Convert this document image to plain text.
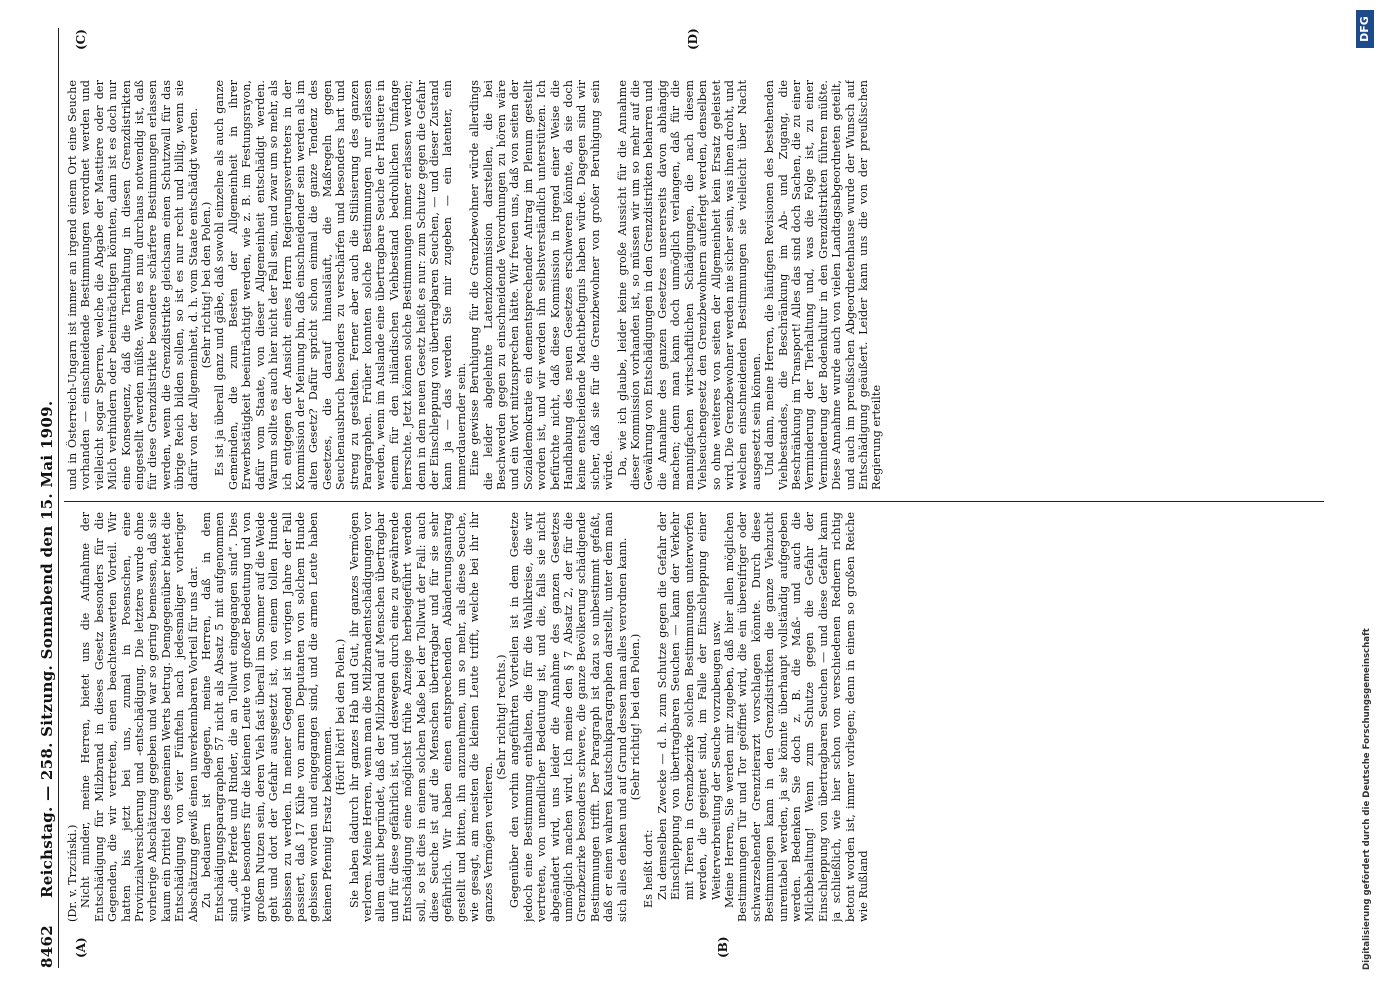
8462
Reichstag. — 258. Sitzung. Sonnabend den 15. Mai 1909.
(A)	(B)
(C)	(D)

(Dr. v. Trzciński.) Nicht minder, meine Herren, bietet uns die Aufnahme der Entschädigung für Milzbrand in dieses Gesetz besonders für die Gegenden, die wir vertreten, einen beachtenswerten Vorteil. Wir hatten bis jetzt bei uns, zumal in Posenschen, eine Provinzialversicherung und -entschädigung. Die letztere wurde ohne vorherige Abschätzung gegeben und war so gering bemessen, daß sie kaum ein Drittel des gemeinen Werts betrug. Demgegenüber bietet die Entschädigung von vier Fünfteln nach jedesmaliger vorheriger Abschätzung gewiß einen unverkennbaren Vorteil für uns dar. Zu bedauern ist dagegen, meine Herren, daß in dem Entschädigungsparagraphen 57 nicht als Absatz 5 mit aufgenommen sind „die Pferde und Rinder, die an Tollwut eingegangen sind“. Dies würde besonders für die kleinen Leute von großer Bedeutung und von großem Nutzen sein, deren Vieh fast überall im Sommer auf die Weide geht und dort der Gefahr ausgesetzt ist, von einem tollen Hunde gebissen zu werden. In meiner Gegend ist in vorigen Jahre der Fall passiert, daß 17 Kühe von armen Deputanten von solchem Hunde gebissen worden und eingegangen sind, und die armen Leute haben keinen Pfennig Ersatz bekommen.

(Hört! hört! bei den Polen.) Sie haben dadurch ihr ganzes Hab und Gut, ihr ganzes Vermögen verloren. Meine Herren, wenn man die Milzbrandentschädigungen vor allem damit begründet, daß der Milzbrand auf Menschen übertragbar und für diese gefährlich ist, und deswegen durch eine zu gewährende Entschädigung eine möglichst frühe Anzeige herbeigeführt werden soll, so ist dies in einem solchen Maße bei der Tollwut der Fall: auch diese Seuche ist auf die Menschen übertragbar und für sie sehr gefährlich. Wir haben einen entsprechenden Abänderungsantrag gestellt und bitten, ihn anzunehmen, um so mehr, als diese Seuche, wie gesagt, am meisten die kleinen Leute trifft, welche bei ihr ihr ganzes Vermögen verlieren.

(Sehr richtig! rechts.) Gegenüber den vorhin angeführten Vorteilen ist in dem Gesetze jedoch eine Bestimmung enthalten, die für die Wahlkreise, die wir vertreten, von unendlicher Bedeutung ist, und die, falls sie nicht abgeändert wird, uns leider die Annahme des ganzen Gesetzes unmöglich machen wird. Ich meine den § 7 Absatz 2, der für die Grenzbezirke besonders schwere, die ganze Bevölkerung schädigende Bestimmungen trifft. Der Paragraph ist dazu so unbestimmt gefaßt, daß er einen wahren Kautschukparagraphen darstellt, unter dem man sich alles denken und auf Grund dessen man alles verordnen kann. (Sehr richtig! bei den Polen.)

Es heißt dort: Zu demselben Zwecke — d. h. zum Schutze gegen die Gefahr der Einschleppung von übertragbaren Seuchen — kann der Verkehr mit Tieren in Grenzbezirke solchen Bestimmungen unterworfen werden, die geeignet sind, im Falle der Einschleppung einer Weiterverbreitung der Seuche vorzubeugen usw. Meine Herren, Sie werden mir zugeben, daß hier allen möglichen Bestimmungen Tür und Tor geöffnet wird, die ein übereifriger oder schwarzsehender Grenztierarzt vorschlagen könnte. Durch diese Bestimmungen kann in den Grenzdistrikten die ganze Viehzucht unrentabel werden, ja sie könnte überhaupt vollständig aufgegeben werden. Bedenken Sie doch z. B. die Maß- und auch die Milchbehaltung! Wenn zum Schutze gegen die Gefahr der Einschleppung von übertragbaren Seuchen — und diese Gefahr kann ja schließlich, wie hier schon von verschiedenen Rednern richtig betont worden ist, immer vorliegen; denn in einem so großen Reiche wie Rußland

und in Österreich-Ungarn ist immer an irgend einem Ort eine Seuche vorhanden — einschneidende Bestimmungen verordnet werden und vielleicht sogar Sperren, welche die Abgabe der Masttiere oder der Milch verhindern oder beeinträchtigen könnten, dann ist es doch nur eine Konsequenz, daß die Tierhaltung in diesen Grenzdistrikten eingestellt werden müßte. Wenn es nun durchaus notwendig ist, daß für diese Grenzdistrikte besondere schärfere Bestimmungen erlassen werden, wenn die Grenzdistrikte gleichsam einen Schutzwall für das übrige Reich bilden sollen, so ist es nur recht und billig, wenn sie dafür von der Allgemeinheit, d. h. vom Staate entschädigt werden. (Sehr richtig! bei den Polen.) Es ist ja überall ganz und gäbe, daß sowohl einzelne als auch ganze Gemeinden, die zum Besten der Allgemeinheit in ihrer Erwerbstätigkeit beeinträchtigt werden, wie z. B. im Festungsrayon, dafür vom Staate, von dieser Allgemeinheit entschädigt werden. Warum sollte es auch hier nicht der Fall sein, und zwar um so mehr, als ich entgegen der Ansicht eines Herrn Regierungsvertreters in der Kommission der Meinung bin, daß einschneidender sein werden als im alten Gesetz? Dafür spricht schon einmal die ganze Tendenz des Gesetzes, die darauf hinausläuft, die Maßregeln gegen Seuchenausbruch besonders zu verschärfen und besonders hart und streng zu gestalten. Ferner aber auch die Stilisierung des ganzen Paragraphen. Früher konnten solche Bestimmungen nur erlassen werden, wenn im Auslande eine übertragbare Seuche der Haustiere in einem für den inländischen Viehbestand bedrohlichen Umfange herrschte. Jetzt können solche Bestimmungen immer erlassen werden; denn in dem neuen Gesetz heißt es nur: zum Schutze gegen die Gefahr der Einschleppung von übertragbaren Seuchen, — und dieser Zustand kann ja — das werden Sie mir zugeben — ein latenter, ein immerdauernder sein. Eine gewisse Beruhigung für die Grenzbewohner würde allerdings die leider abgelehnte Latenzkommission darstellen, die bei Beschwerden gegen zu einschneidende Verordnungen zu hören wäre und ein Wort mitzusprechen hätte. Wir freuen uns, daß von seiten der Sozialdemokratie ein dementsprechender Antrag im Plenum gestellt worden ist, und wir werden ihn selbstverständlich unterstützen. Ich befürchte nicht, daß diese Kommission in irgend einer Weise die Handhabung des neuen Gesetzes erschweren könnte, da sie doch keine entscheidende Machtbefugnis haben würde. Dagegen sind wir sicher, daß sie für die Grenzbewohner von großer Beruhigung sein würde. Da, wie ich glaube, leider keine große Aussicht für die Annahme dieser Kommission vorhanden ist, so müssen wir um so mehr auf die Gewährung von Entschädigungen in den Grenzdistrikten beharren und die Annahme des ganzen Gesetzes unsererseits davon abhängig machen; denn man kann doch unmöglich verlangen, daß für die mannigfachen wirtschaftlichen Schädigungen, die nach diesem Viehseuchengesetz den Grenzbewohnern auferlegt werden, denselben so ohne weiteres von seiten der Allgemeinheit kein Ersatz geleistet wird. Die Grenzbewohner werden nie sicher sein, was ihnen droht, und welchen einschneidenden Bestimmungen sie vielleicht über Nacht ausgesetzt sein können. Und dann, meine Herren, die häufigen Revisionen des bestehenden Viehbestandes, die Beschränkung im Ab- und Zugang, die Beschränkung im Transport! Alles das sind doch Sachen, die zu einer Verminderung der Tierhaltung und, was die Folge ist, zu einer Verminderung der Bodenkultur in den Grenzdistrikten führen müßte. Diese Annahme wurde auch von vielen Landtagsabgeordneten geteilt, und auch im preußischen Abgeordnetenhause wurde der Wunsch auf Entschädigung geäußert. Leider kann uns die von der preußischen Regierung erteilte

Digitalisierung gefördert durch die Deutsche Forschungsgemeinschaft
DFG
